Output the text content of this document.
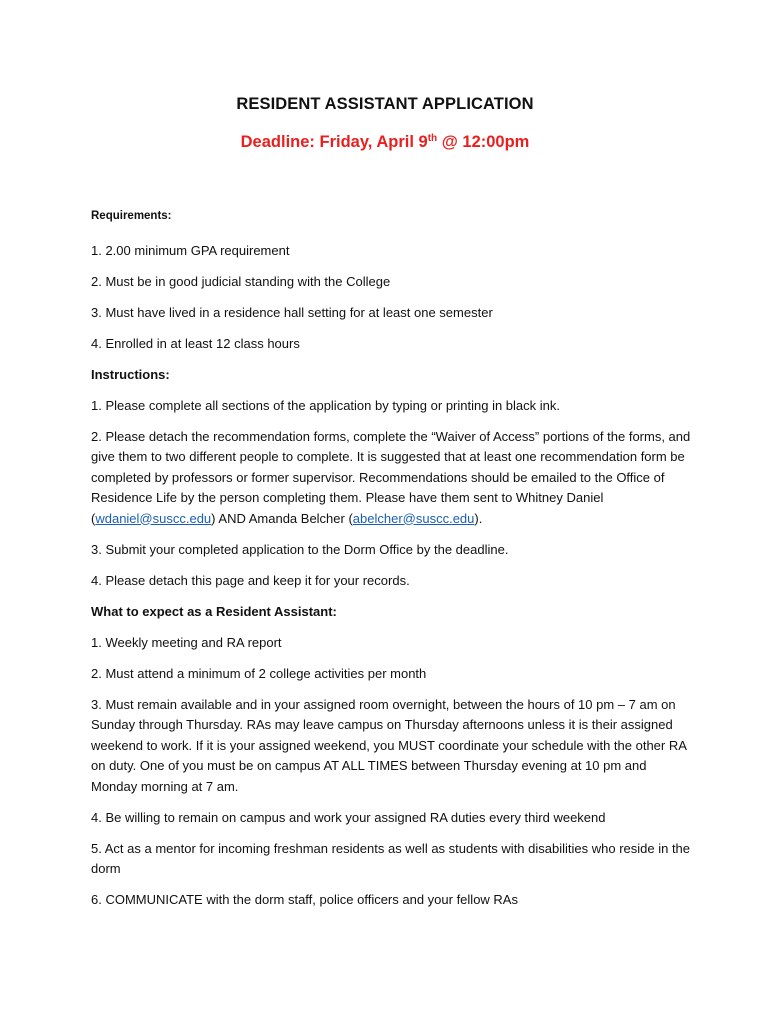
RESIDENT ASSISTANT APPLICATION
Deadline: Friday, April 9th @ 12:00pm

Requirements:

1. 2.00 minimum GPA requirement

2. Must be in good judicial standing with the College

3. Must have lived in a residence hall setting for at least one semester

4. Enrolled in at least 12 class hours

Instructions:

1. Please complete all sections of the application by typing or printing in black ink.

2. Please detach the recommendation forms, complete the “Waiver of Access” portions of the forms, and give them to two different people to complete. It is suggested that at least one recommendation form be completed by professors or former supervisor. Recommendations should be emailed to the Office of Residence Life by the person completing them. Please have them sent to Whitney Daniel (wdaniel@suscc.edu) AND Amanda Belcher (abelcher@suscc.edu).

3. Submit your completed application to the Dorm Office by the deadline.

4. Please detach this page and keep it for your records.

What to expect as a Resident Assistant:

1. Weekly meeting and RA report

2. Must attend a minimum of 2 college activities per month

3. Must remain available and in your assigned room overnight, between the hours of 10 pm – 7 am on Sunday through Thursday. RAs may leave campus on Thursday afternoons unless it is their assigned weekend to work. If it is your assigned weekend, you MUST coordinate your schedule with the other RA on duty. One of you must be on campus AT ALL TIMES between Thursday evening at 10 pm and Monday morning at 7 am.

4. Be willing to remain on campus and work your assigned RA duties every third weekend

5. Act as a mentor for incoming freshman residents as well as students with disabilities who reside in the dorm

6. COMMUNICATE with the dorm staff, police officers and your fellow RAs
